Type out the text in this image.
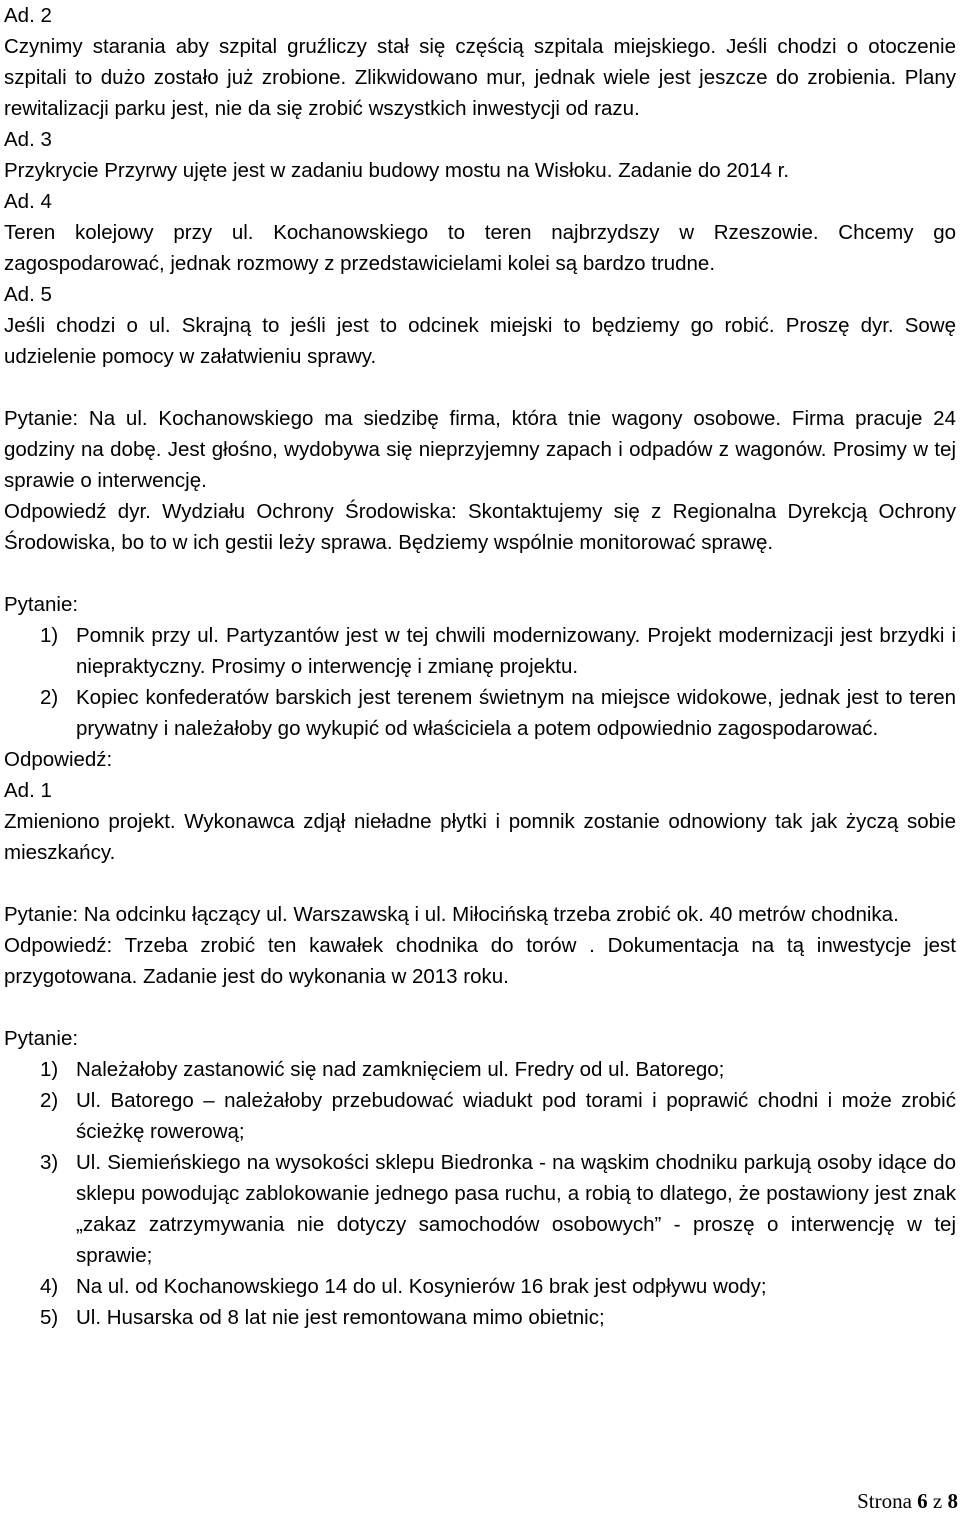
Ad. 2

Czynimy starania aby szpital gruźliczy stał się częścią szpitala miejskiego. Jeśli chodzi o otoczenie szpitali to dużo zostało już zrobione. Zlikwidowano mur, jednak wiele jest jeszcze do zrobienia. Plany rewitalizacji parku jest, nie da się zrobić wszystkich inwestycji od razu.

Ad. 3

Przykrycie Przyrwy ujęte jest w zadaniu budowy mostu na Wisłoku. Zadanie do 2014 r.

Ad. 4

Teren kolejowy przy ul. Kochanowskiego to teren najbrzydszy w Rzeszowie. Chcemy go zagospodarować, jednak rozmowy z przedstawicielami kolei są bardzo trudne.

Ad. 5

Jeśli chodzi o ul. Skrajną to jeśli jest to odcinek miejski to będziemy go robić. Proszę dyr. Sowę udzielenie pomocy w załatwieniu sprawy.

Pytanie: Na ul. Kochanowskiego ma siedzibę firma, która tnie wagony osobowe. Firma pracuje 24 godziny na dobę. Jest głośno, wydobywa się nieprzyjemny zapach i odpadów z wagonów. Prosimy w tej sprawie o interwencję.

Odpowiedź dyr. Wydziału Ochrony Środowiska: Skontaktujemy się z Regionalna Dyrekcją Ochrony Środowiska, bo to w ich gestii leży sprawa. Będziemy wspólnie monitorować sprawę.

Pytanie:

1) Pomnik przy ul. Partyzantów jest w tej chwili modernizowany. Projekt modernizacji jest brzydki i niepraktyczny. Prosimy o interwencję i zmianę projektu.
2) Kopiec konfederatów barskich jest terenem świetnym na miejsce widokowe, jednak jest to teren prywatny i należałoby go wykupić od właściciela a potem odpowiednio zagospodarować.

Odpowiedź:

Ad. 1

Zmieniono projekt. Wykonawca zdjął nieładne płytki i pomnik zostanie odnowiony tak jak życzą sobie mieszkańcy.

Pytanie: Na odcinku łączący ul. Warszawską i ul. Miłocińską trzeba zrobić ok. 40 metrów chodnika.

Odpowiedź: Trzeba zrobić ten kawałek chodnika do torów . Dokumentacja na tą inwestycje jest przygotowana. Zadanie jest do wykonania w 2013 roku.

Pytanie:

1) Należałoby zastanowić się nad zamknięciem ul. Fredry od ul. Batorego;
2) Ul. Batorego – należałoby przebudować wiadukt pod torami i poprawić chodni i może zrobić ścieżkę rowerową;
3) Ul. Siemieńskiego na wysokości sklepu Biedronka - na wąskim chodniku parkują osoby idące do sklepu powodując zablokowanie jednego pasa ruchu, a robią to dlatego, że postawiony jest znak „zakaz zatrzymywania nie dotyczy samochodów osobowych” - proszę o interwencję w tej sprawie;
4) Na ul. od Kochanowskiego 14 do ul. Kosynierów 16 brak jest odpływu wody;
5) Ul. Husarska od 8 lat nie jest remontowana mimo obietnic;
Strona 6 z 8
